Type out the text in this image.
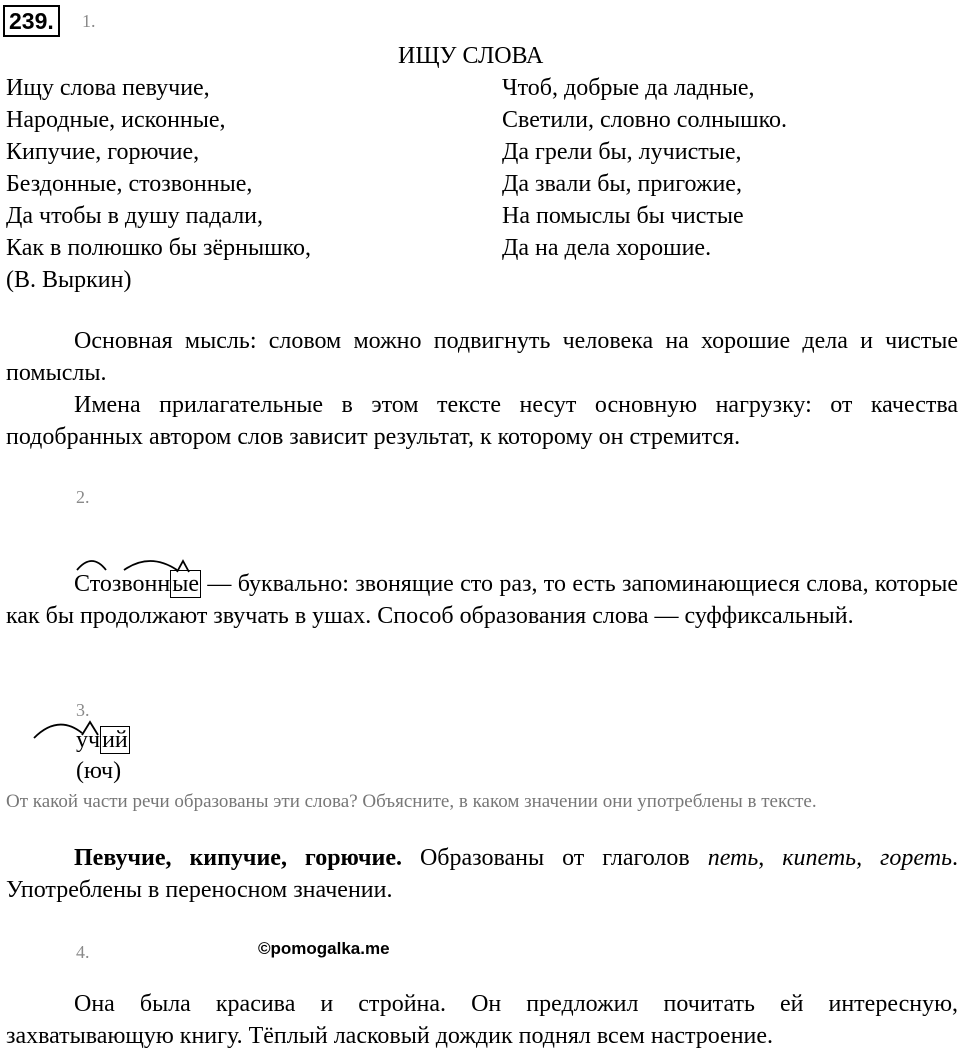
239.	1.
ИЩУ СЛОВА
Ищу слова певучие,
Народные, исконные,
Кипучие, горючие,
Бездонные, стозвонные,
Да чтобы в душу падали,
Как в полюшко бы зёрнышко,
(В. Выркин)
Чтоб, добрые да ладные,
Светили, словно солнышко.
Да грели бы, лучистые,
Да звали бы, пригожие,
На помыслы бы чистые
Да на дела хорошие.
Основная мысль: словом можно подвигнуть человека на хорошие дела и чистые помыслы.
Имена прилагательные в этом тексте несут основную нагрузку: от качества подобранных автором слов зависит результат, к которому он стремится.
2.
Стозвонные — буквально: звонящие сто раз, то есть запоминающиеся слова, которые как бы продолжают звучать в ушах. Способ образования слова — суффиксальный.
3.
учий
(юч)
От какой части речи образованы эти слова? Объясните, в каком значении они употреблены в тексте.
Певучие, кипучие, горючие. Образованы от глаголов петь, кипеть, гореть. Употреблены в переносном значении.
4.	©pomogalka.me
Она была красива и стройна. Он предложил почитать ей интересную, захватывающую книгу. Тёплый ласковый дождик поднял всем настроение.
